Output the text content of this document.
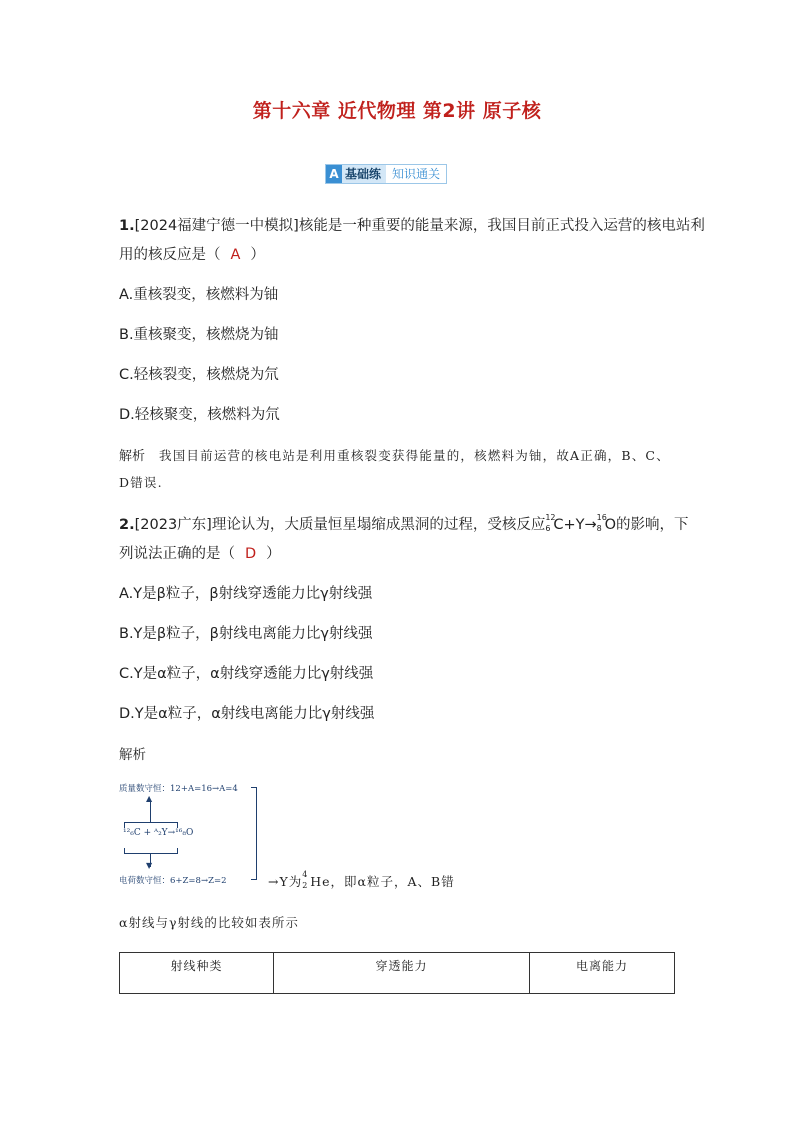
第十六章 近代物理 第2讲 原子核
A 基础练 知识通关
1.[2024福建宁德一中模拟]核能是一种重要的能量来源，我国目前正式投入运营的核电站利
用的核反应是（ A ）
A.重核裂变，核燃料为铀
B.重核聚变，核燃烧为铀
C.轻核裂变，核燃烧为氘
D.轻核聚变，核燃料为氘
解析 我国目前运营的核电站是利用重核裂变获得能量的，核燃料为铀，故A正确，B、C、
D错误.
2.[2023广东]理论认为，大质量恒星塌缩成黑洞的过程，受核反应 12
6 C+Y→ 16
8 O的影响，下
列说法正确的是（ D ）
A.Y是β粒子，β射线穿透能力比γ射线强
B.Y是β粒子，β射线电离能力比γ射线强
C.Y是α粒子，α射线穿透能力比γ射线强
D.Y是α粒子，α射线电离能力比γ射线强
解析
质量数守恒：12+A=16→A=4
▲
¹²₆C + ᴬ₂Y→¹⁶₈O
▼
电荷数守恒：6+Z=8→Z=2	→Y为 4
2 He，即α粒子，A、B错
α射线与γ射线的比较如表所示
射线种类	穿透能力	电离能力
